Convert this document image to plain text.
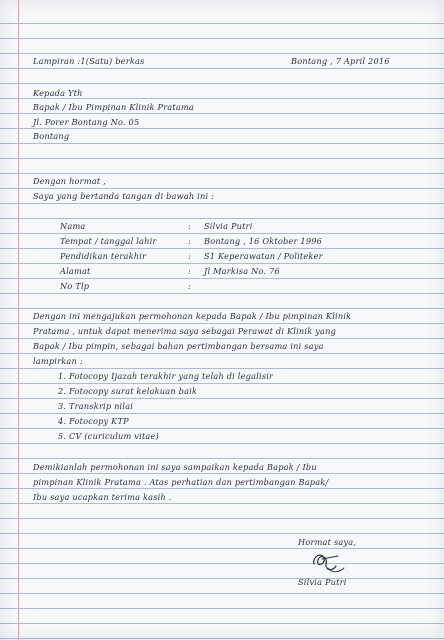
Lampiran :1(Satu) berkas	Bontang , 7 April 2016
Kepada Yth
Bapak / Ibu Pimpinan Klinik Pratama
Jl. Porer Bontang No. 05
Bontang
Dengan hormat ,
Saya yang bertanda tangan di bawah ini :
Nama	: Silvia Putri
Tempat / tanggal lahir	: Bontang , 16 Oktober 1996
Pendidikan terakhir	: S1 Keperawatan / Politeker
Alamat	: Jl Markisa No. 76
No Tlp	:
Dengan ini mengajukan permohonan kepada Bapak / Ibu pimpinan Klinik
Pratama , untuk dapat menerima saya sebagai Perawat di Klinik yang
Bapak / Ibu pimpin, sebagai bahan pertimbangan bersama ini saya
lampirkan :
1. Fotocopy Ijazah terakhir yang telah di legalisir
2. Fotocopy surat kelakuan baik
3. Transkrip nilai
4. Fotocopy KTP
5. CV (curiculum vitae)
Demikianlah permohonan ini saya sampaikan kepada Bapak / Ibu
pimpinan Klinik Pratama . Atas perhatian dan pertimbangan Bapak/
Ibu saya ucapkan terima kasih .
Hormat saya,
Silvia Putri
